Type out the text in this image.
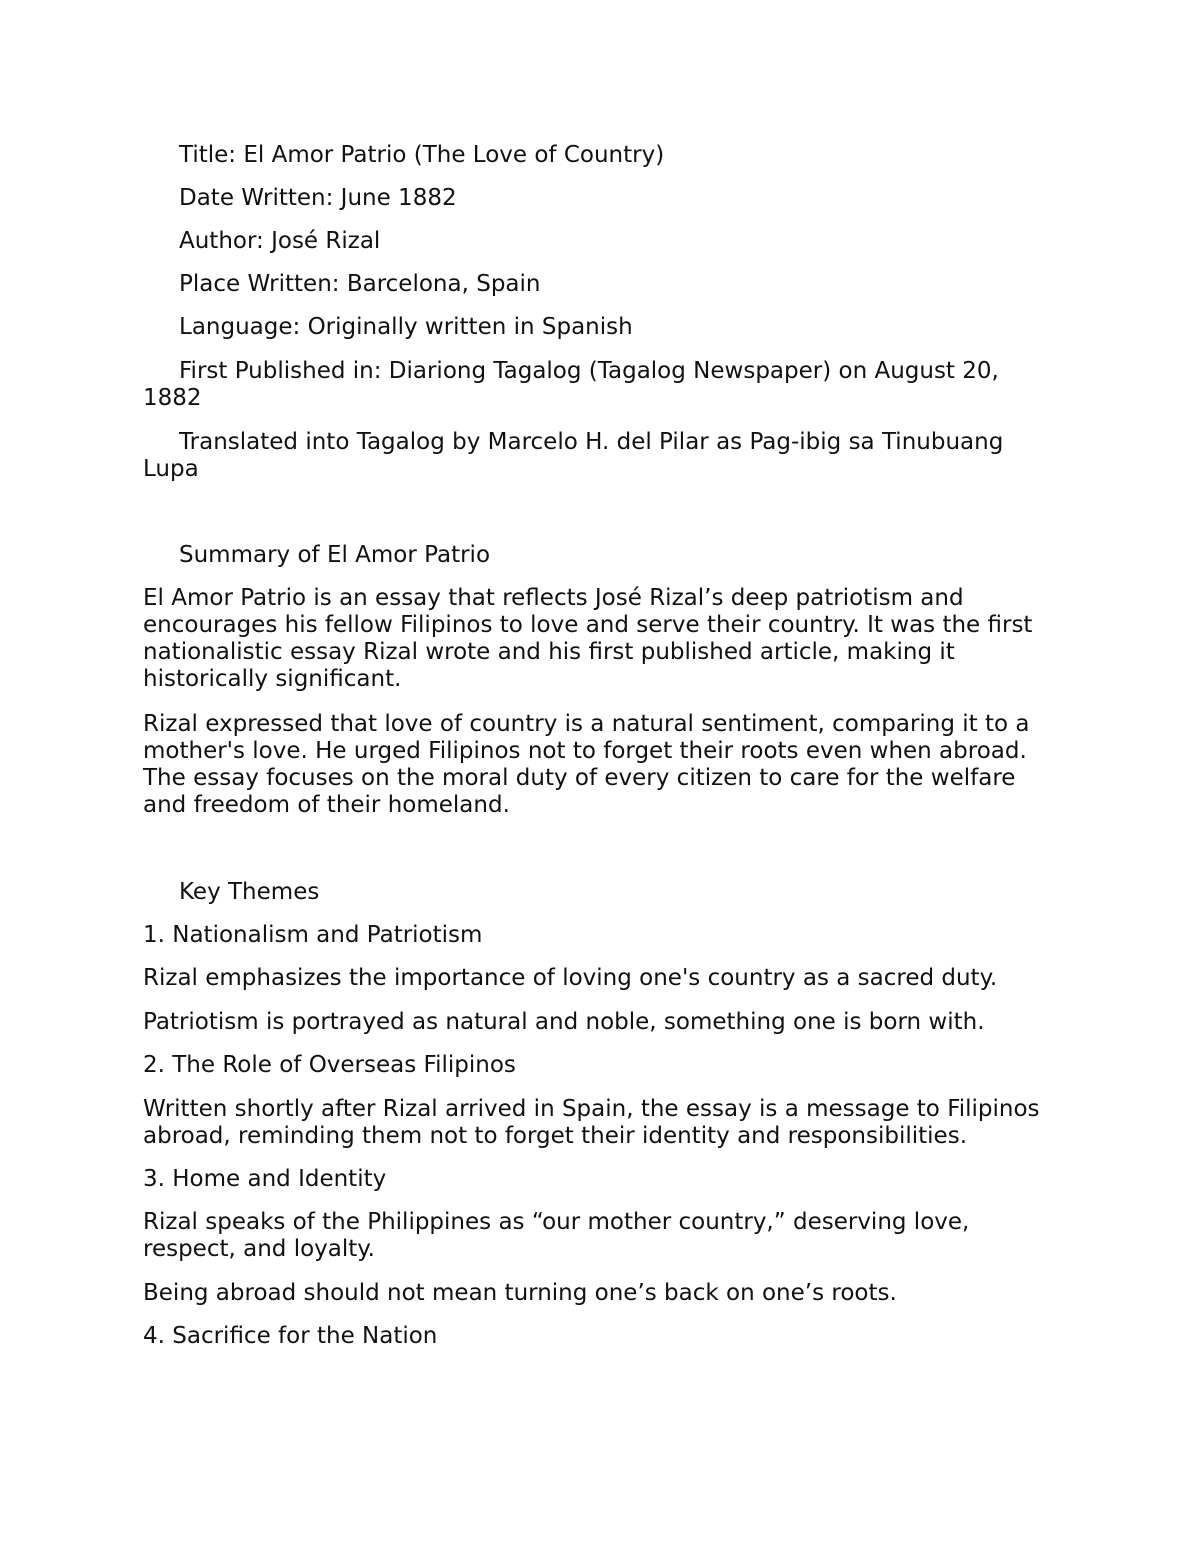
Title: El Amor Patrio (The Love of Country)

Date Written: June 1882

Author: José Rizal

Place Written: Barcelona, Spain

Language: Originally written in Spanish

First Published in: Diariong Tagalog (Tagalog Newspaper) on August 20, 1882

Translated into Tagalog by Marcelo H. del Pilar as Pag-ibig sa Tinubuang Lupa

Summary of El Amor Patrio

El Amor Patrio is an essay that reflects José Rizal’s deep patriotism and encourages his fellow Filipinos to love and serve their country. It was the first nationalistic essay Rizal wrote and his first published article, making it historically significant.

Rizal expressed that love of country is a natural sentiment, comparing it to a mother's love. He urged Filipinos not to forget their roots even when abroad. The essay focuses on the moral duty of every citizen to care for the welfare and freedom of their homeland.

Key Themes

1. Nationalism and Patriotism

Rizal emphasizes the importance of loving one's country as a sacred duty.

Patriotism is portrayed as natural and noble, something one is born with.

2. The Role of Overseas Filipinos

Written shortly after Rizal arrived in Spain, the essay is a message to Filipinos abroad, reminding them not to forget their identity and responsibilities.

3. Home and Identity

Rizal speaks of the Philippines as “our mother country,” deserving love, respect, and loyalty.

Being abroad should not mean turning one’s back on one’s roots.

4. Sacrifice for the Nation
